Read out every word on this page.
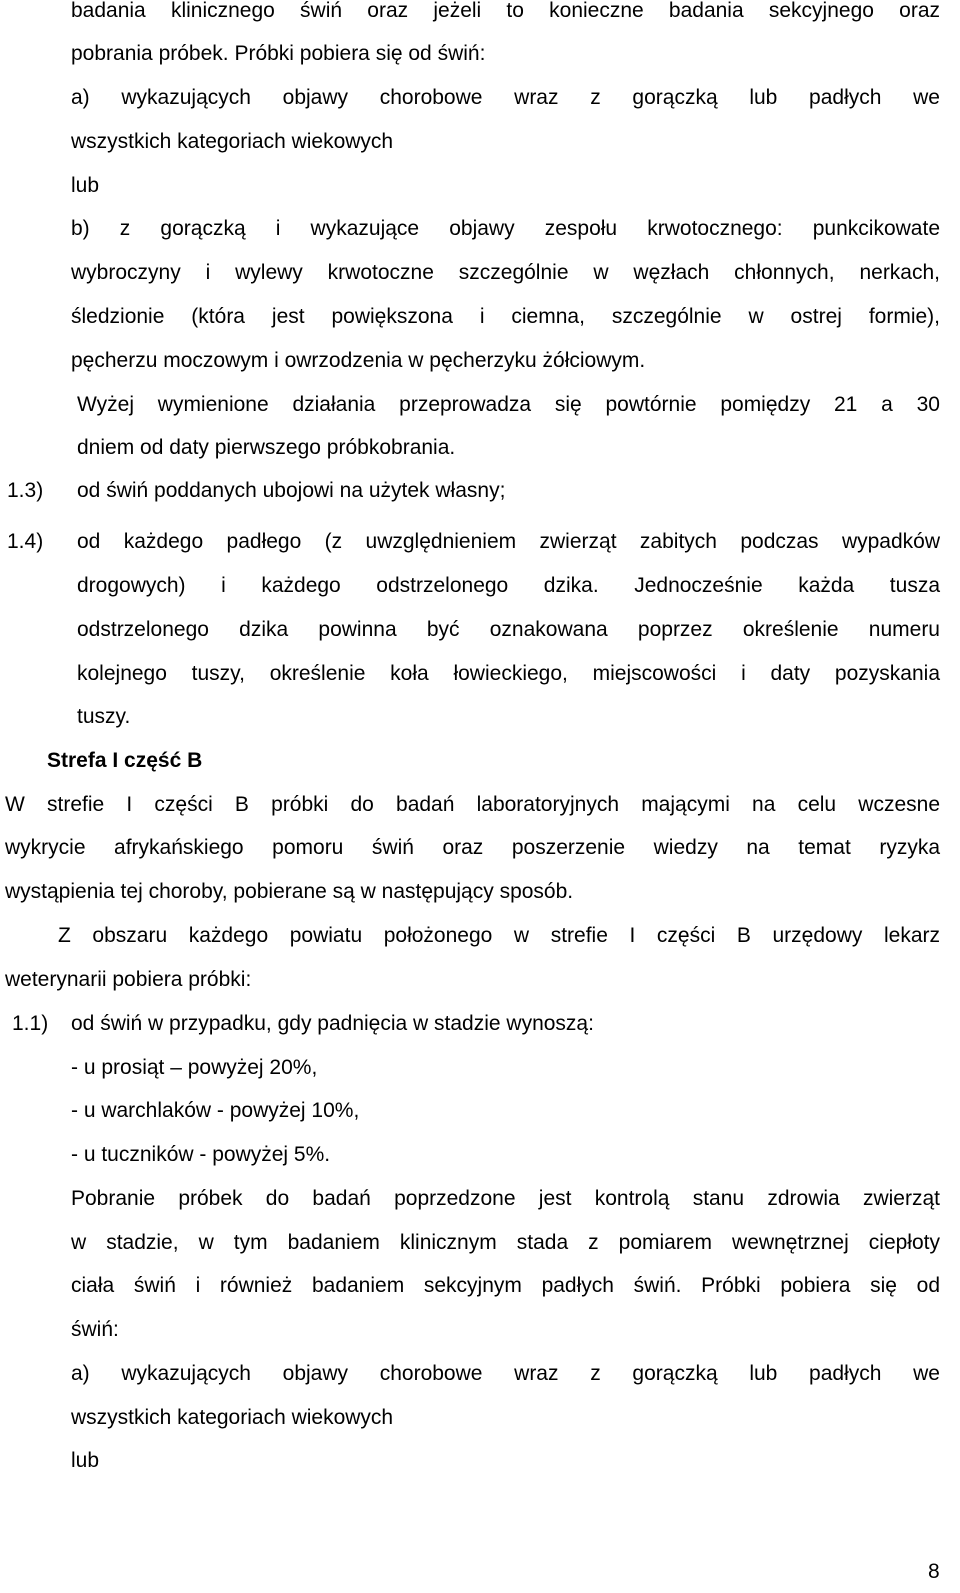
badania klinicznego świń oraz jeżeli to konieczne badania sekcyjnego oraz
pobrania próbek. Próbki pobiera się od świń:
a) wykazujących objawy chorobowe wraz z gorączką lub padłych we
wszystkich kategoriach wiekowych
lub
b) z gorączką i wykazujące objawy zespołu krwotocznego: punkcikowate
wybroczyny i wylewy krwotoczne szczególnie w węzłach chłonnych, nerkach,
śledzionie (która jest powiększona i ciemna, szczególnie w ostrej formie),
pęcherzu moczowym i owrzodzenia w pęcherzyku żółciowym.
Wyżej wymienione działania przeprowadza się powtórnie pomiędzy 21 a 30
dniem od daty pierwszego próbkobrania.
1.3) od świń poddanych ubojowi na użytek własny;
1.4) od każdego padłego (z uwzględnieniem zwierząt zabitych podczas wypadków
drogowych) i każdego odstrzelonego dzika. Jednocześnie każda tusza
odstrzelonego dzika powinna być oznakowana poprzez określenie numeru
kolejnego tuszy, określenie koła łowieckiego, miejscowości i daty pozyskania
tuszy.
Strefa I część B
W strefie I części B próbki do badań laboratoryjnych mającymi na celu wczesne
wykrycie afrykańskiego pomoru świń oraz poszerzenie wiedzy na temat ryzyka
wystąpienia tej choroby, pobierane są w następujący sposób.
Z obszaru każdego powiatu położonego w strefie I części B urzędowy lekarz
weterynarii pobiera próbki:
1.1) od świń w przypadku, gdy padnięcia w stadzie wynoszą:
- u prosiąt – powyżej 20%,
- u warchlaków - powyżej 10%,
- u tuczników - powyżej 5%.
Pobranie próbek do badań poprzedzone jest kontrolą stanu zdrowia zwierząt
w stadzie, w tym badaniem klinicznym stada z pomiarem wewnętrznej ciepłoty
ciała świń i również badaniem sekcyjnym padłych świń. Próbki pobiera się od
świń:
a) wykazujących objawy chorobowe wraz z gorączką lub padłych we
wszystkich kategoriach wiekowych
lub
8
